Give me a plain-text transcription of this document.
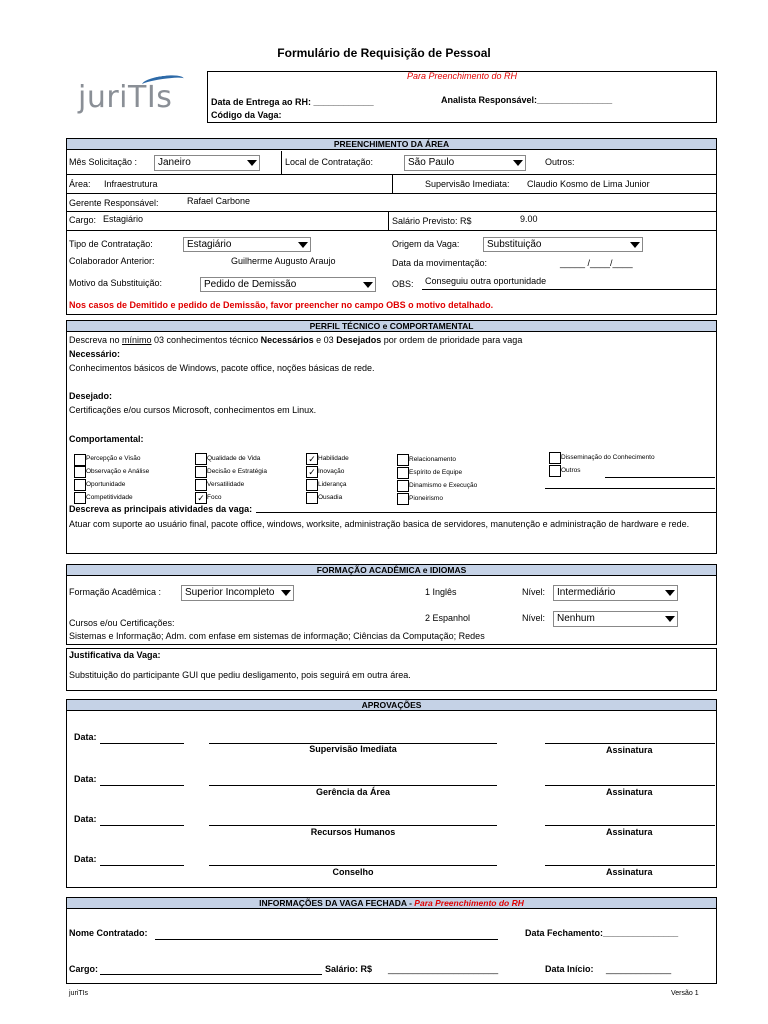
Formulário de Requisição de Pessoal
juriTIs
Para Preenchimento do RH
Data de Entrega ao RH: ____________	Analista Responsável:_______________
Código da Vaga:
PREENCHIMENTO DA ÁREA
Mês Solicitação :	Janeiro	Local de Contratação:	São Paulo	Outros:
Área: Infraestrutura	Supervisão Imediata: Claudio Kosmo de Lima Junior
Gerente Responsável:	Rafael Carbone
Cargo: Estagiário	Salário Previsto: R$	9.00
Tipo de Contratação:	Estagiário	Origem da Vaga:	Substituição
Colaborador Anterior:	Guilherme Augusto Araujo	Data da movimentação:	_____ /____/____
Motivo da Substituição:	Pedido de Demissão	OBS: Conseguiu outra oportunidade
Nos casos de Demitido e pedido de Demissão, favor preencher no campo OBS o motivo detalhado.
PERFIL TÉCNICO e COMPORTAMENTAL
Descreva no mínimo 03 conhecimentos técnico Necessários e 03 Desejados por ordem de prioridade para vaga
Necessário:
Conhecimentos básicos de Windows, pacote office, noções básicas de rede.
Desejado:
Certificações e/ou cursos Microsoft, conhecimentos em Linux.
Comportamental:
Percepção e Visão
Observação e Análise
Oportunidade
Competitividade
Qualidade de Vida
Decisão e Estratégia
Versatilidade
✓ Foco
✓ Habilidade
✓ Inovação
Liderança
Ousadia
Relacionamento
Espírito de Equipe
Dinamismo e Execução
Pioneirismo
Disseminação do Conhecimento
Outros
Descreva as principais atividades da vaga:
Atuar com suporte ao usuário final, pacote office, windows, worksite, administração basica de servidores, manutenção e administração de hardware e rede.
FORMAÇÃO ACADÊMICA e IDIOMAS
Formação Acadêmica :	Superior Incompleto	1 Inglês	Nível:	Intermediário
Cursos e/ou Certificações:	2 Espanhol	Nível:	Nenhum
Sistemas e Informação; Adm. com enfase em sistemas de informação; Ciências da Computação; Redes
Justificativa da Vaga:
Substituição do participante GUI que pediu desligamento, pois seguirá em outra área.
APROVAÇÕES
Data:
Supervisão Imediata	Assinatura
Data:
Gerência da Área	Assinatura
Data:
Recursos Humanos	Assinatura
Data:
Conselho	Assinatura
INFORMAÇÕES DA VAGA FECHADA - Para Preenchimento do RH
Nome Contratado:	Data Fechamento:_______________
Cargo:	Salário: R$ ______________________	Data Início: _____________
juriTIs	Versão 1
